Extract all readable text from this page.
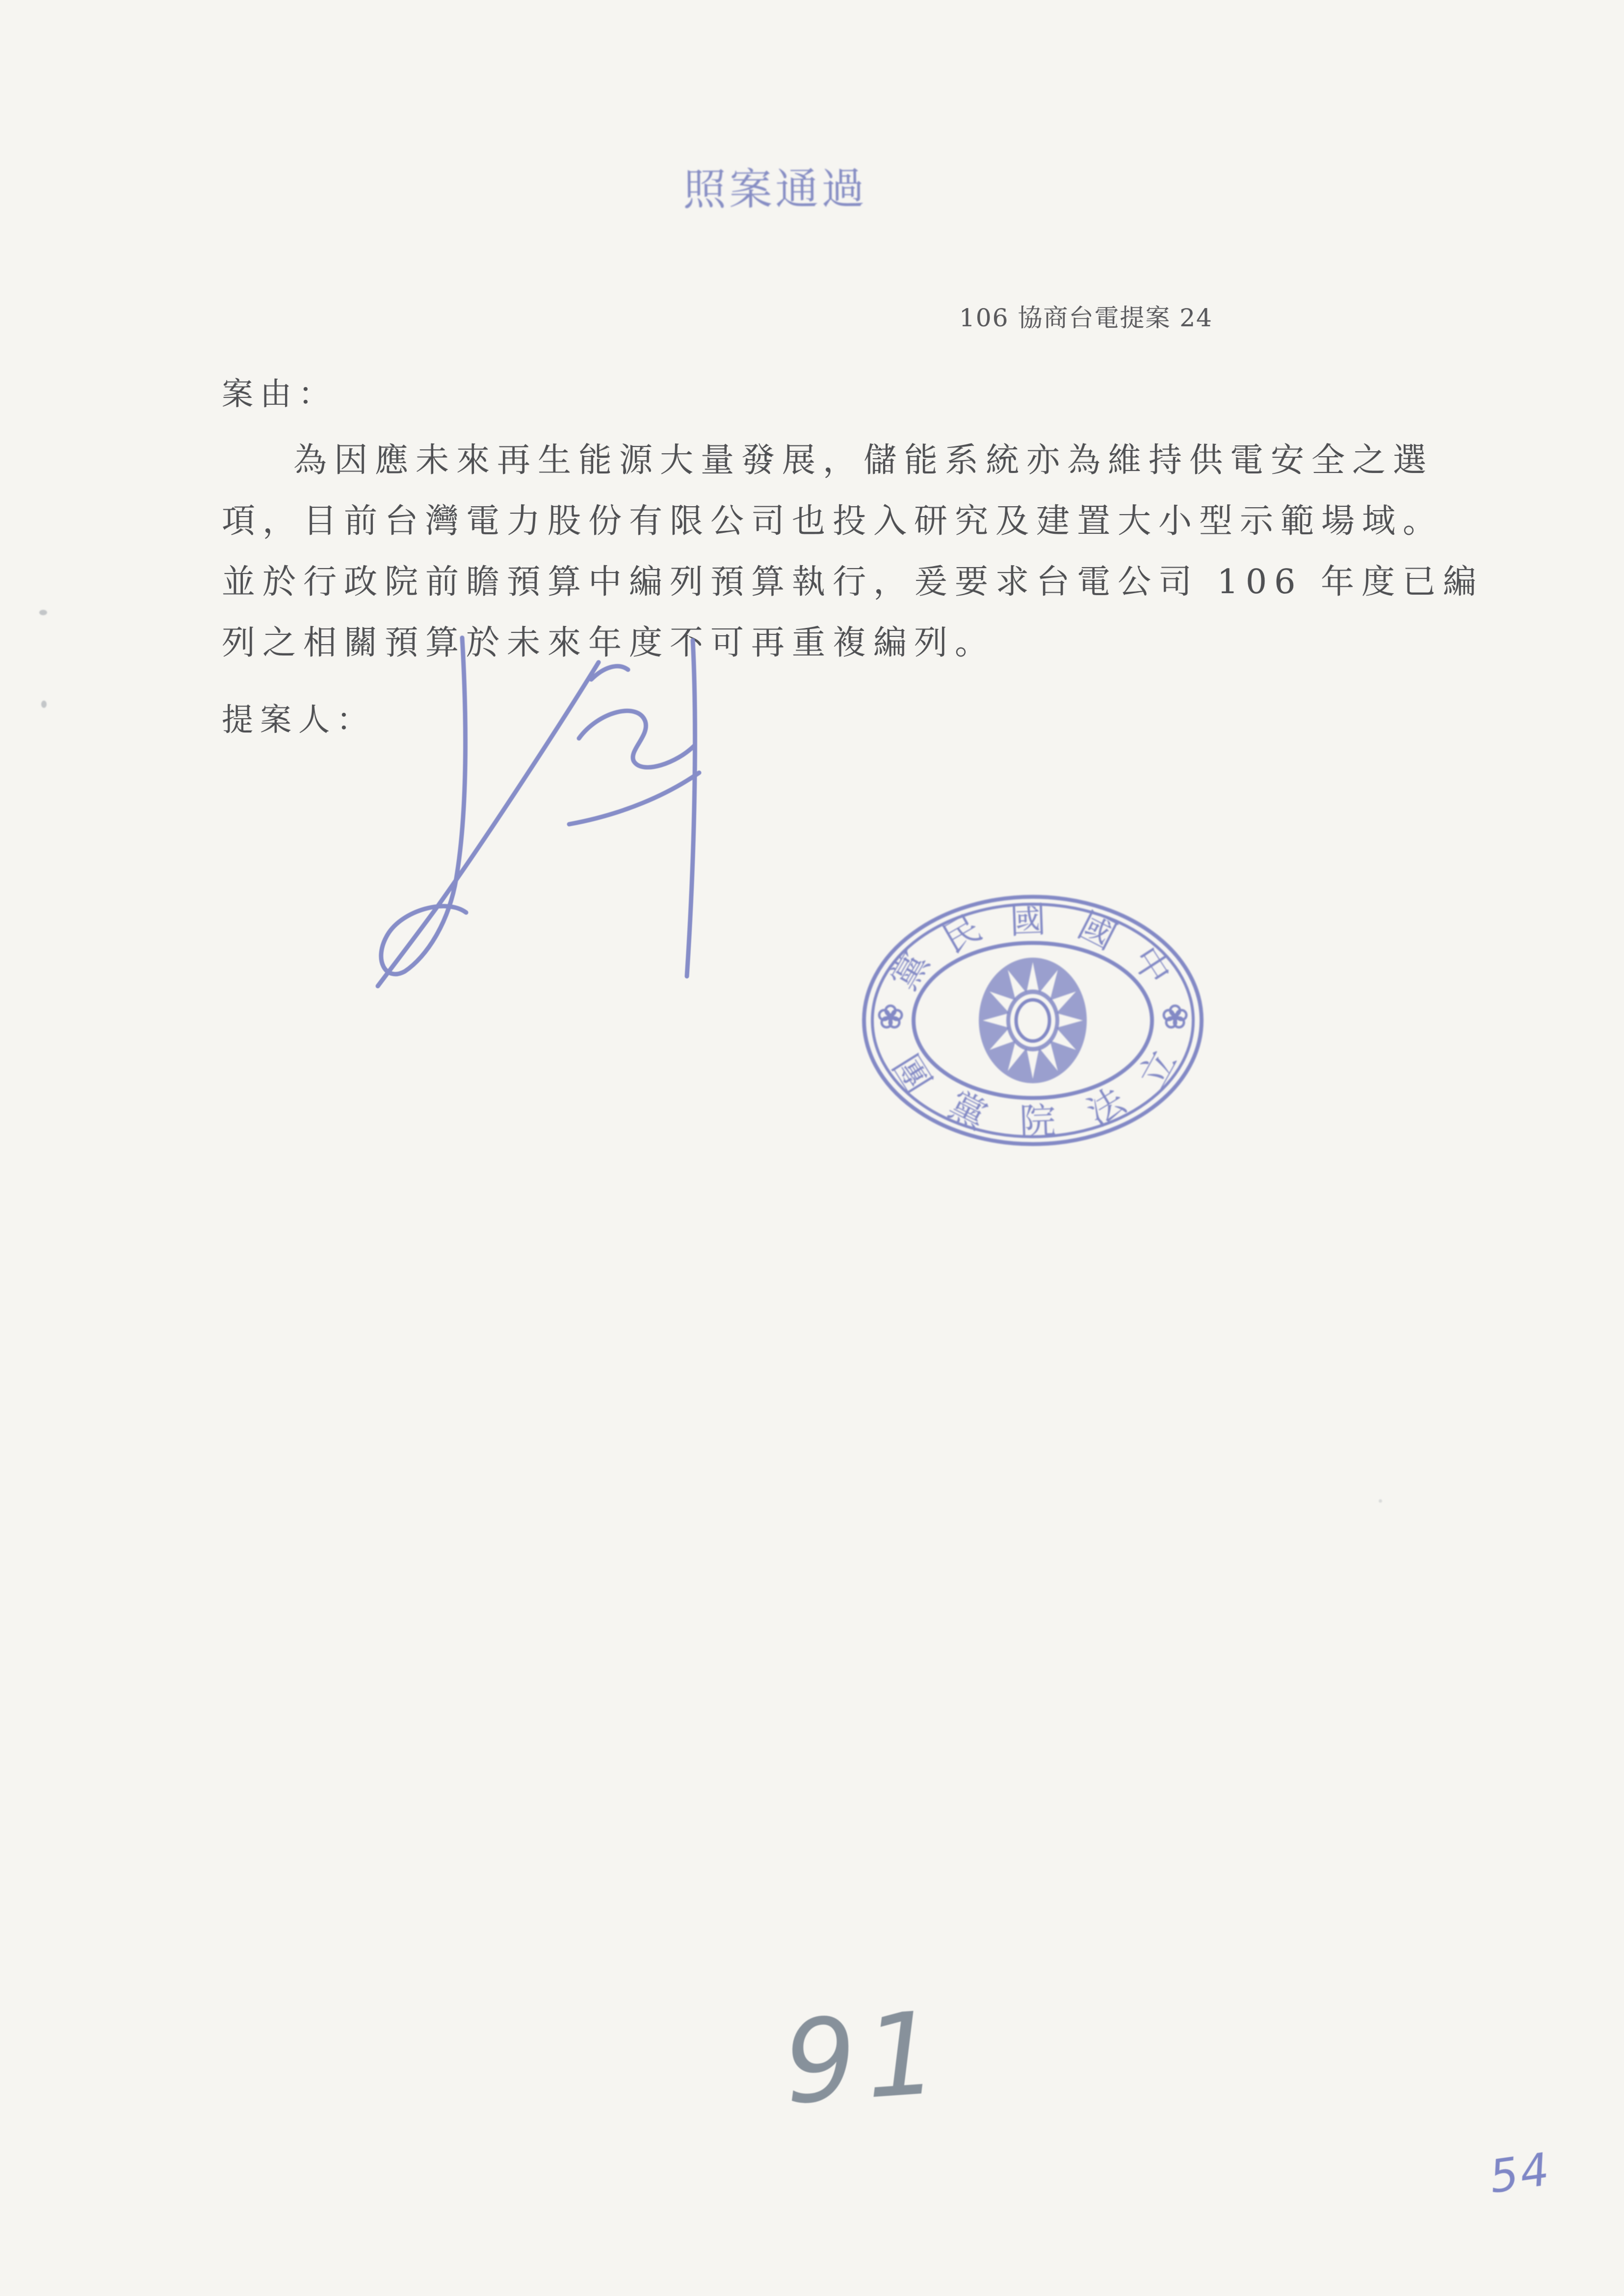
照案通過
106 協商台電提案 24
案由：
為因應未來再生能源大量發展，儲能系統亦為維持供電安全之選
項，目前台灣電力股份有限公司也投入研究及建置大小型示範場域。
並於行政院前瞻預算中編列預算執行，爰要求台電公司 106 年度已編
列之相關預算於未來年度不可再重複編列。
提案人：
黨
民 國 國
中
團
黨 院 法
立
91
54
